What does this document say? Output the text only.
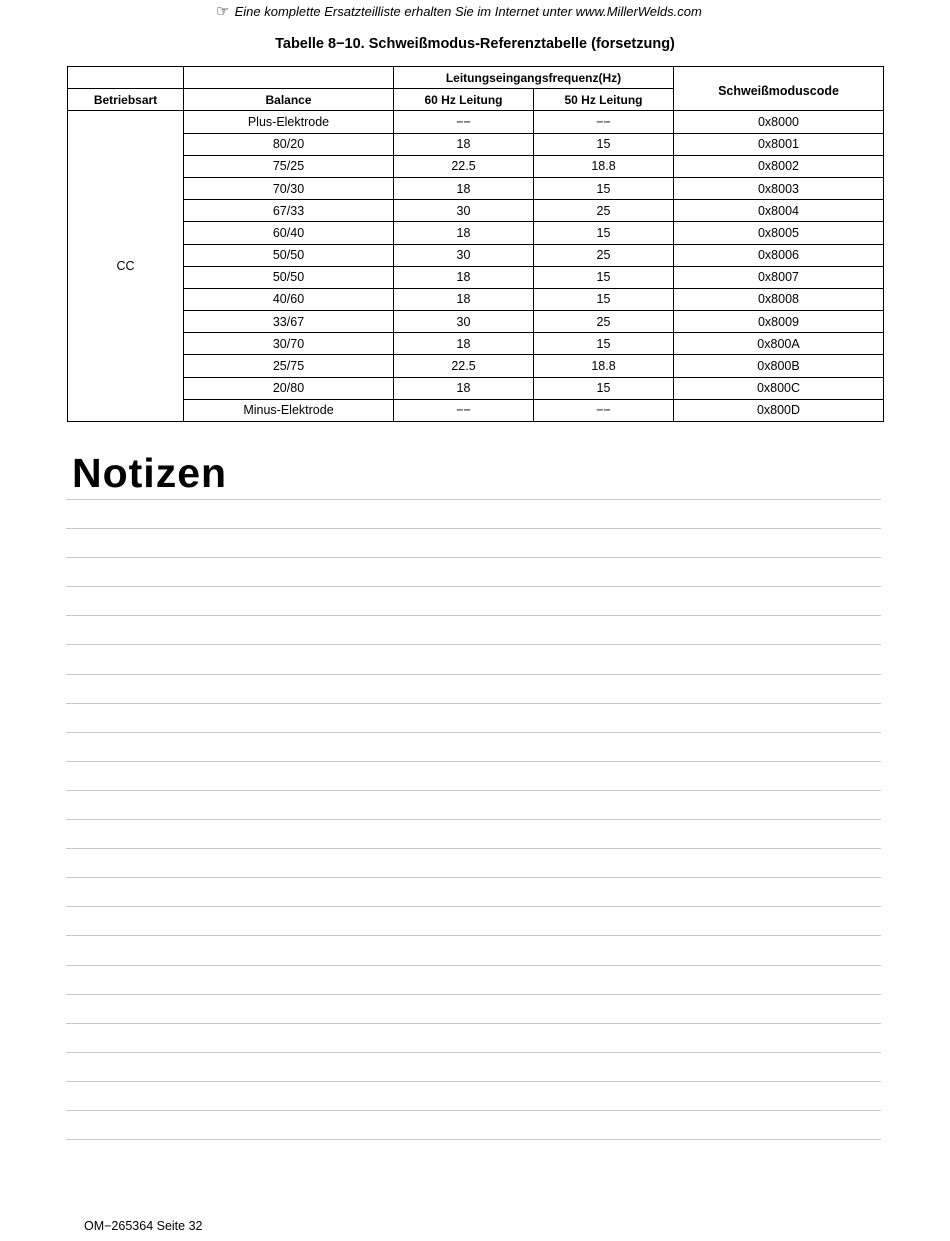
☞ Eine komplette Ersatzteilliste erhalten Sie im Internet unter www.MillerWelds.com
Tabelle 8−10. Schweißmodus-Referenztabelle (forsetzung)
		Leitungseingangsfrequenz(Hz)		Schweißmoduscode
Betriebsart	Balance	60 Hz Leitung	50 Hz Leitung	
CC	Plus-Elektrode	−−	−−	0x8000
	80/20	18	15	0x8001
	75/25	22.5	18.8	0x8002
	70/30	18	15	0x8003
	67/33	30	25	0x8004
	60/40	18	15	0x8005
	50/50	30	25	0x8006
	50/50	18	15	0x8007
	40/60	18	15	0x8008
	33/67	30	25	0x8009
	30/70	18	15	0x800A
	25/75	22.5	18.8	0x800B
	20/80	18	15	0x800C
	Minus-Elektrode	−−	−−	0x800D
Notizen
OM−265364 Seite 32
